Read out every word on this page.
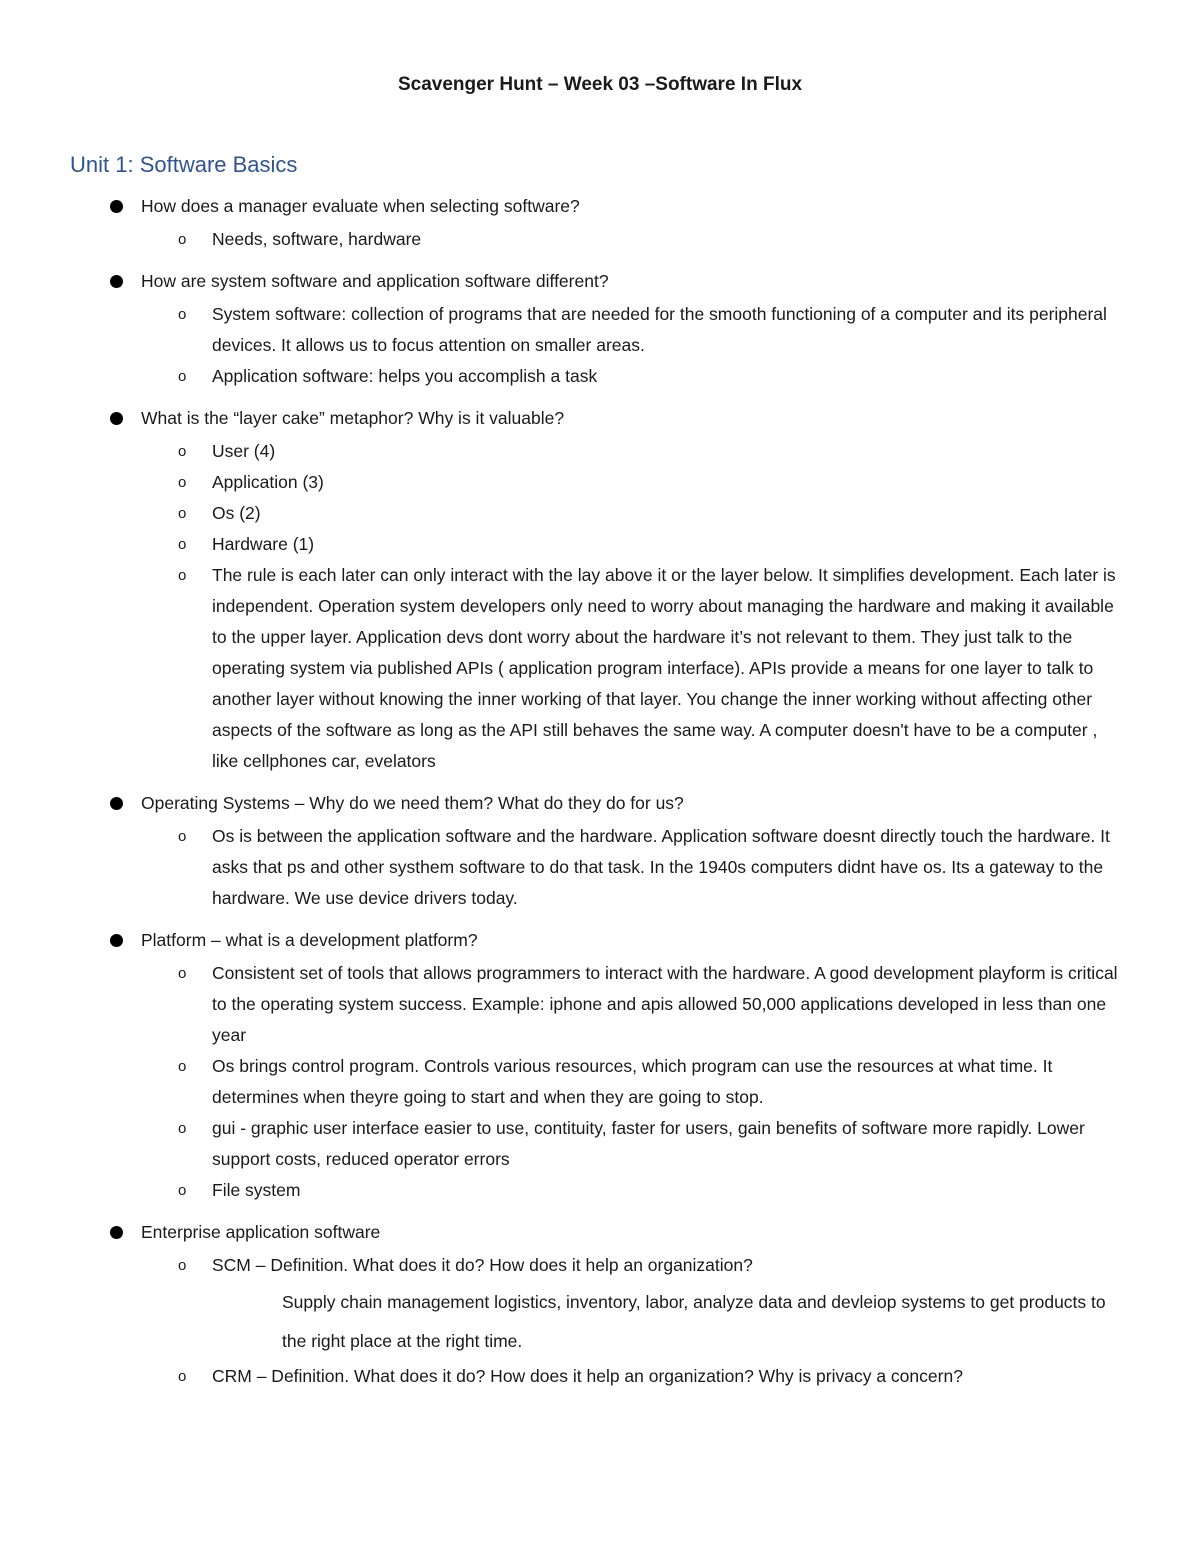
Scavenger Hunt – Week 03 –Software In Flux
Unit 1: Software Basics
How does a manager evaluate when selecting software?
o Needs, software, hardware
How are system software and application software different?
o System software: collection of programs that are needed for the smooth functioning of a computer and its peripheral devices. It allows us to focus attention on smaller areas.
o Application software: helps you accomplish a task
What is the “layer cake” metaphor? Why is it valuable?
o User (4)
o Application (3)
o Os (2)
o Hardware (1)
o The rule is each later can only interact with the lay above it or the layer below. It simplifies development. Each later is independent. Operation system developers only need to worry about managing the hardware and making it available to the upper layer. Application devs dont worry about the hardware it’s not relevant to them. They just talk to the operating system via published APIs ( application program interface). APIs provide a means for one layer to talk to another layer without knowing the inner working of that layer. You change the inner working without affecting other aspects of the software as long as the API still behaves the same way. A computer doesn't have to be a computer , like cellphones car, evelators
Operating Systems – Why do we need them? What do they do for us?
o Os is between the application software and the hardware. Application software doesnt directly touch the hardware. It asks that ps and other systhem software to do that task. In the 1940s computers didnt have os. Its a gateway to the hardware. We use device drivers today.
Platform – what is a development platform?
o Consistent set of tools that allows programmers to interact with the hardware. A good development playform is critical to the operating system success. Example: iphone and apis allowed 50,000 applications developed in less than one year
o Os brings control program. Controls various resources, which program can use the resources at what time. It determines when theyre going to start and when they are going to stop.
o gui - graphic user interface easier to use, contituity, faster for users, gain benefits of software more rapidly. Lower support costs, reduced operator errors
o File system
Enterprise application software
o SCM – Definition. What does it do? How does it help an organization?
Supply chain management logistics, inventory, labor, analyze data and devleiop systems to get products to the right place at the right time.
o CRM – Definition. What does it do? How does it help an organization? Why is privacy a concern?
